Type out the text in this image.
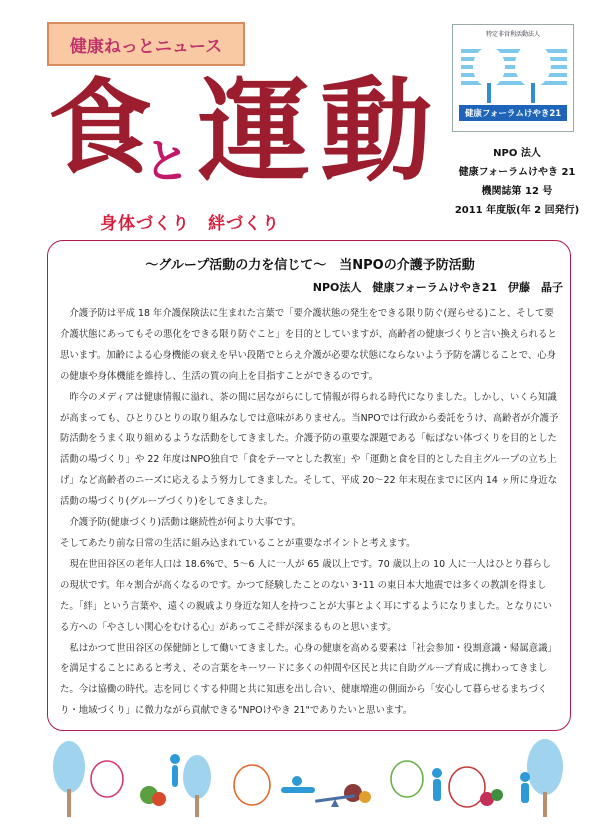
健康ねっとニュース
食
と 運 動
身体づくり　絆づくり
特定非営利活動法人
健康フォーラムけやき21
NPO 法人
健康フォーラムけやき 21
機関誌第 12 号
2011 年度版(年 2 回発行)
～グループ活動の力を信じて～　当NPOの介護予防活動
NPO法人　健康フォーラムけやき21　伊藤　晶子

介護予防は平成 18 年介護保険法に生まれた言葉で「要介護状態の発生をできる限り防ぐ(遅らせる)こと、そして要介護状態にあってもその悪化をできる限り防ぐこと」を目的としていますが、高齢者の健康づくりと言い換えられると思います。加齢による心身機能の衰えを早い段階でとらえ介護が必要な状態にならないよう予防を講じることで、心身の健康や身体機能を維持し、生活の質の向上を目指すことができるのです。

昨今のメディアは健康情報に溢れ、茶の間に居ながらにして情報が得られる時代になりました。しかし、いくら知識が高まっても、ひとりひとりの取り組みなしでは意味がありません。当NPOでは行政から委託をうけ、高齢者が介護予防活動をうまく取り組めるような活動をしてきました。介護予防の重要な課題である「転ばない体づくりを目的とした活動の場づくり」や 22 年度はNPO独自で「食をテーマとした教室」や「運動と食を目的とした自主グループの立ち上げ」など高齢者のニーズに応えるよう努力してきました。そして、平成 20～22 年末現在までに区内 14 ヶ所に身近な活動の場づくり(グループづくり)をしてきました。

介護予防(健康づくり)活動は継続性が何より大事です。

そしてあたり前な日常の生活に組み込まれていることが重要なポイントと考えます。

現在世田谷区の老年人口は 18.6%で、5～6 人に一人が 65 歳以上です。70 歳以上の 10 人に一人はひとり暮らしの現状です。年々割合が高くなるのです。かつて経験したことのない 3･11 の東日本大地震では多くの教訓を得ました。「絆」という言葉や、遠くの親戚より身近な知人を持つことが大事とよく耳にするようになりました。となりにいる方への「やさしい関心をむける心」があってこそ絆が深まるものと思います。

私はかつて世田谷区の保健師として働いてきました。心身の健康を高める要素は「社会参加・役割意識・帰属意識」を満足することにあると考え、その言葉をキーワードに多くの仲間や区民と共に自助グループ育成に携わってきました。今は協働の時代。志を同じくする仲間と共に知恵を出し合い、健康増進の側面から「安心して暮らせるまちづくり・地域づくり」に微力ながら貢献できる"NPOけやき 21"でありたいと思います。
